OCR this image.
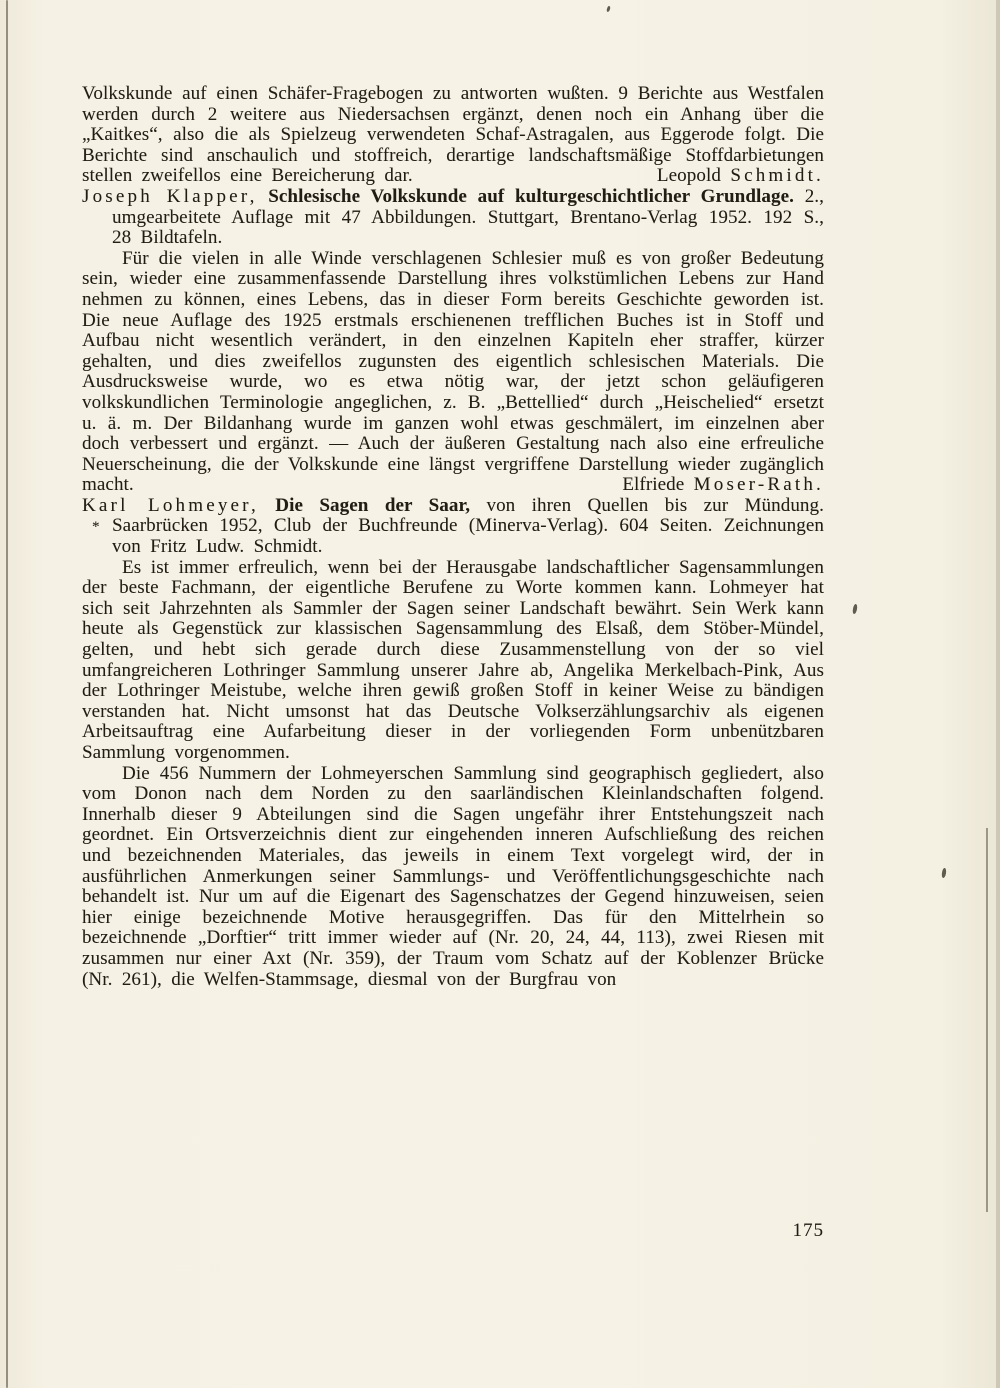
Volkskunde auf einen Schäfer-Fragebogen zu antworten wußten. 9 Berichte aus Westfalen werden durch 2 weitere aus Niedersachsen ergänzt, denen noch ein Anhang über die „Kaitkes“, also die als Spielzeug verwendeten Schaf-Astragalen, aus Eggerode folgt. Die Berichte sind anschaulich und stoffreich, derartige landschaftsmäßige Stoffdarbietungen stellen zweifellos eine Bereicherung dar.	Leopold Schmidt.

Joseph Klapper, Schlesische Volkskunde auf kulturgeschichtlicher Grundlage. 2., umgearbeitete Auflage mit 47 Abbildungen. Stuttgart, Brentano-Verlag 1952. 192 S., 28 Bildtafeln.

Für die vielen in alle Winde verschlagenen Schlesier muß es von großer Bedeutung sein, wieder eine zusammenfassende Darstellung ihres volkstümlichen Lebens zur Hand nehmen zu können, eines Lebens, das in dieser Form bereits Geschichte geworden ist. Die neue Auflage des 1925 erstmals erschienenen trefflichen Buches ist in Stoff und Aufbau nicht wesentlich verändert, in den einzelnen Kapiteln eher straffer, kürzer gehalten, und dies zweifellos zugunsten des eigentlich schlesischen Materials. Die Ausdrucksweise wurde, wo es etwa nötig war, der jetzt schon geläufigeren volkskundlichen Terminologie angeglichen, z. B. „Bettellied“ durch „Heischelied“ ersetzt u. ä. m. Der Bildanhang wurde im ganzen wohl etwas geschmälert, im einzelnen aber doch verbessert und ergänzt. — Auch der äußeren Gestaltung nach also eine erfreuliche Neuerscheinung, die der Volkskunde eine längst vergriffene Darstellung wieder zugänglich macht.	Elfriede Moser-Rath.

*
Karl Lohmeyer, Die Sagen der Saar, von ihren Quellen bis zur Mündung. Saarbrücken 1952, Club der Buchfreunde (Minerva-Verlag). 604 Seiten. Zeichnungen von Fritz Ludw. Schmidt.

Es ist immer erfreulich, wenn bei der Herausgabe landschaftlicher Sagensammlungen der beste Fachmann, der eigentliche Berufene zu Worte kommen kann. Lohmeyer hat sich seit Jahrzehnten als Sammler der Sagen seiner Landschaft bewährt. Sein Werk kann heute als Gegenstück zur klassischen Sagensammlung des Elsaß, dem Stöber-Mündel, gelten, und hebt sich gerade durch diese Zusammenstellung von der so viel umfangreicheren Lothringer Sammlung unserer Jahre ab, Angelika Merkelbach-Pink, Aus der Lothringer Meistube, welche ihren gewiß großen Stoff in keiner Weise zu bändigen verstanden hat. Nicht umsonst hat das Deutsche Volkserzählungsarchiv als eigenen Arbeitsauftrag eine Aufarbeitung dieser in der vorliegenden Form unbenützbaren Sammlung vorgenommen.

Die 456 Nummern der Lohmeyerschen Sammlung sind geographisch gegliedert, also vom Donon nach dem Norden zu den saarländischen Kleinlandschaften folgend. Innerhalb dieser 9 Abteilungen sind die Sagen ungefähr ihrer Entstehungszeit nach geordnet. Ein Ortsverzeichnis dient zur eingehenden inneren Aufschließung des reichen und bezeichnenden Materiales, das jeweils in einem Text vorgelegt wird, der in ausführlichen Anmerkungen seiner Sammlungs- und Veröffentlichungsgeschichte nach behandelt ist. Nur um auf die Eigenart des Sagenschatzes der Gegend hinzuweisen, seien hier einige bezeichnende Motive herausgegriffen. Das für den Mittelrhein so bezeichnende „Dorftier“ tritt immer wieder auf (Nr. 20, 24, 44, 113), zwei Riesen mit zusammen nur einer Axt (Nr. 359), der Traum vom Schatz auf der Koblenzer Brücke (Nr. 261), die Welfen-Stammsage, diesmal von der Burgfrau von

175
